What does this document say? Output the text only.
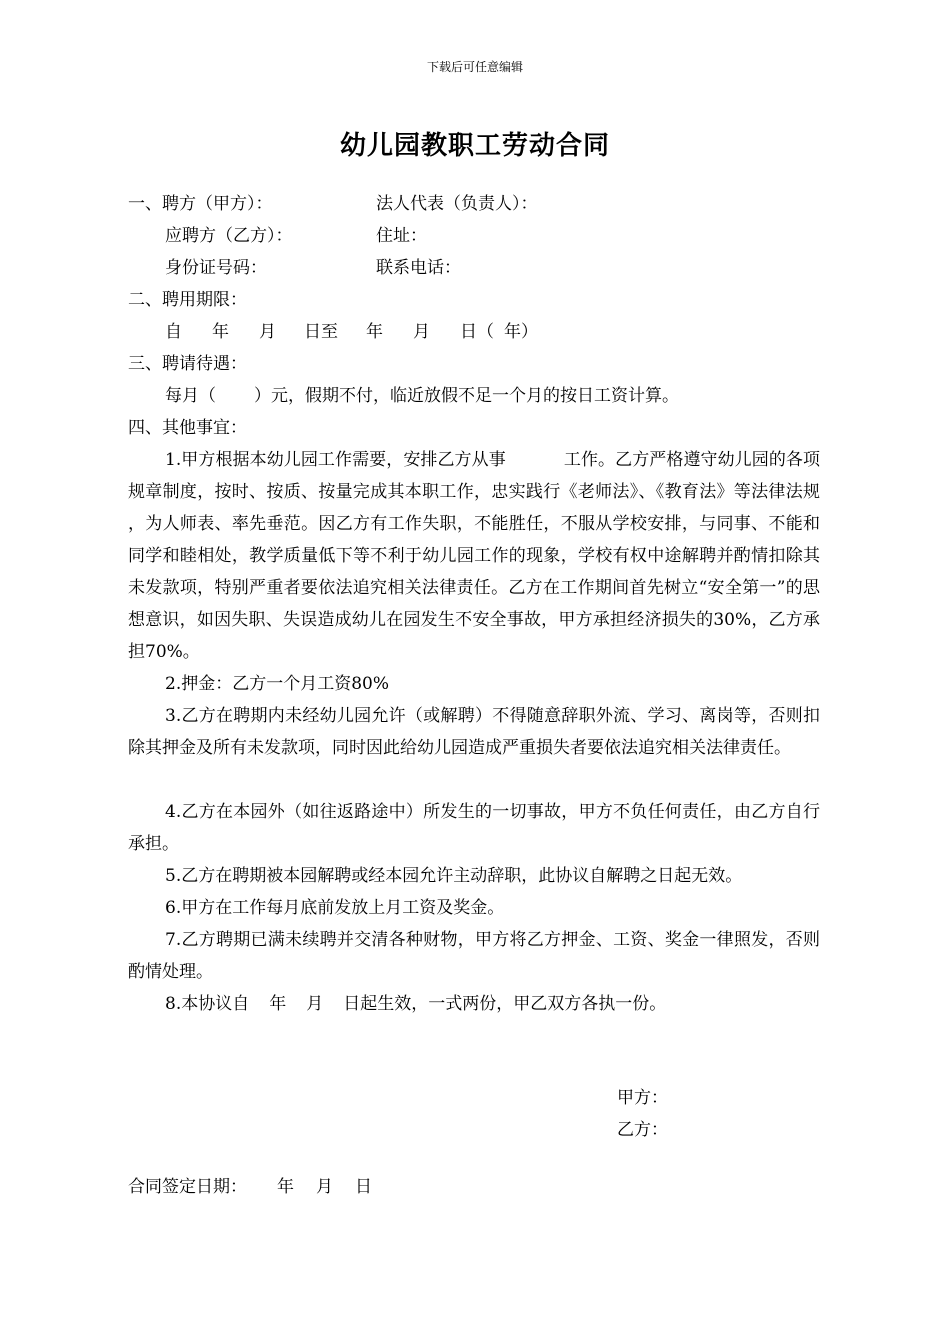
下载后可任意编辑
幼儿园教职工劳动合同
一、聘方（甲方）：	法人代表（负责人）：
应聘方（乙方）：	住址：
身份证号码：	联系电话：
二、聘用期限：
自 年 月 日至 年 月 日（ 年）
三、聘请待遇：
每月（ ）元，假期不付，临近放假不足一个月的按日工资计算。
四、其他事宜：
1.甲方根据本幼儿园工作需要，安排乙方从事	工作。乙方严格遵守幼儿园的各项规章制度，按时、按质、按量完成其本职工作，忠实践行《老师法》、《教育法》等法律法规 ，为人师表、率先垂范。因乙方有工作失职，不能胜任，不服从学校安排，与同事、不能和同学和睦相处，教学质量低下等不利于幼儿园工作的现象，学校有权中途解聘并酌情扣除其未发款项，特别严重者要依法追究相关法律责任。乙方在工作期间首先树立“安全第一”的思想意识，如因失职、失误造成幼儿在园发生不安全事故，甲方承担经济损失的30%，乙方承担70%。
2.押金：乙方一个月工资80%
3.乙方在聘期内未经幼儿园允许（或解聘）不得随意辞职外流、学习、离岗等，否则扣除其押金及所有未发款项，同时因此给幼儿园造成严重损失者要依法追究相关法律责任。
4.乙方在本园外（如往返路途中）所发生的一切事故，甲方不负任何责任，由乙方自行承担。
5.乙方在聘期被本园解聘或经本园允许主动辞职，此协议自解聘之日起无效。
6.甲方在工作每月底前发放上月工资及奖金。
7.乙方聘期已满未续聘并交清各种财物，甲方将乙方押金、工资、奖金一律照发，否则酌情处理。
8.本协议自 年 月 日起生效，一式两份，甲乙双方各执一份。
甲方：
乙方：
合同签定日期： 年 月 日
